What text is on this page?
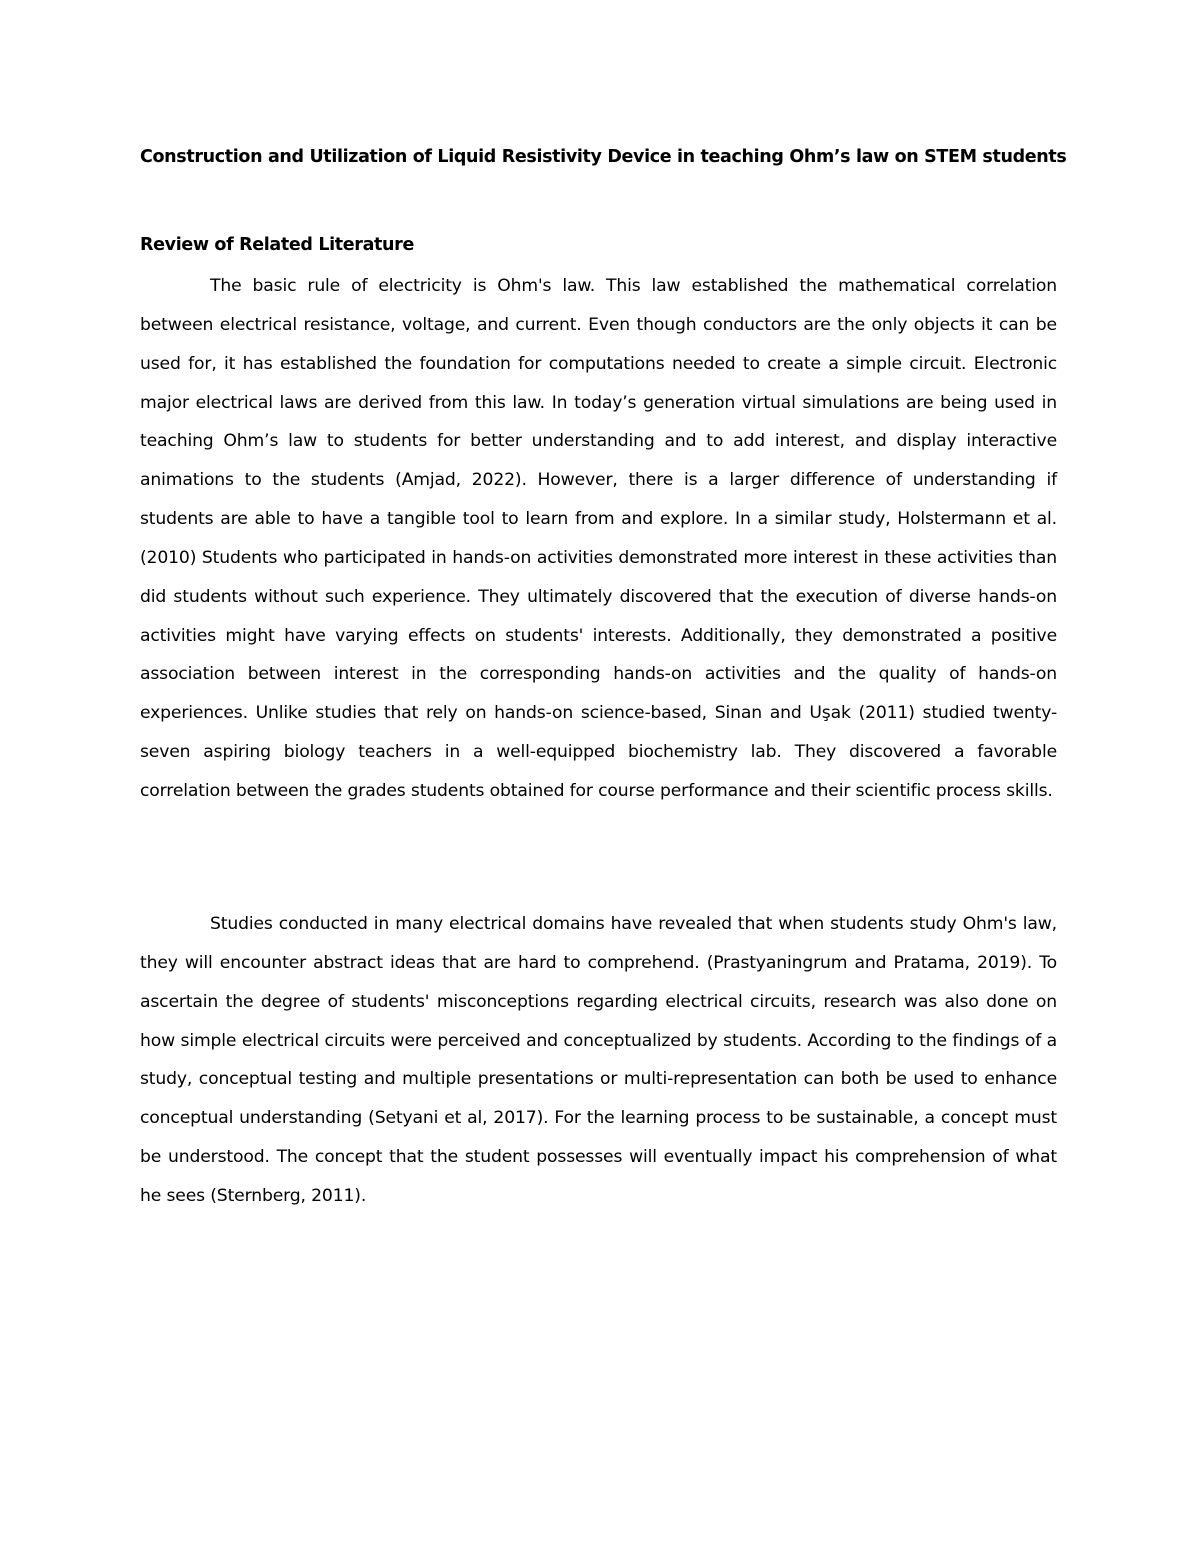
Construction and Utilization of Liquid Resistivity Device in teaching Ohm’s law on STEM students
Review of Related Literature

The basic rule of electricity is Ohm's law. This law established the mathematical correlation between electrical resistance, voltage, and current. Even though conductors are the only objects it can be used for, it has established the foundation for computations needed to create a simple circuit. Electronic major electrical laws are derived from this law. In today’s generation virtual simulations are being used in teaching Ohm’s law to students for better understanding and to add interest, and display interactive animations to the students (Amjad, 2022). However, there is a larger difference of understanding if students are able to have a tangible tool to learn from and explore. In a similar study, Holstermann et al. (2010) Students who participated in hands-on activities demonstrated more interest in these activities than did students without such experience. They ultimately discovered that the execution of diverse hands-on activities might have varying effects on students' interests. Additionally, they demonstrated a positive association between interest in the corresponding hands-on activities and the quality of hands-on experiences. Unlike studies that rely on hands-on science-based, Sinan and Uşak (2011) studied twenty-seven aspiring biology teachers in a well-equipped biochemistry lab. They discovered a favorable correlation between the grades students obtained for course performance and their scientific process skills.

Studies conducted in many electrical domains have revealed that when students study Ohm's law, they will encounter abstract ideas that are hard to comprehend. (Prastyaningrum and Pratama, 2019). To ascertain the degree of students' misconceptions regarding electrical circuits, research was also done on how simple electrical circuits were perceived and conceptualized by students. According to the findings of a study, conceptual testing and multiple presentations or multi-representation can both be used to enhance conceptual understanding (Setyani et al, 2017). For the learning process to be sustainable, a concept must be understood. The concept that the student possesses will eventually impact his comprehension of what he sees (Sternberg, 2011).
